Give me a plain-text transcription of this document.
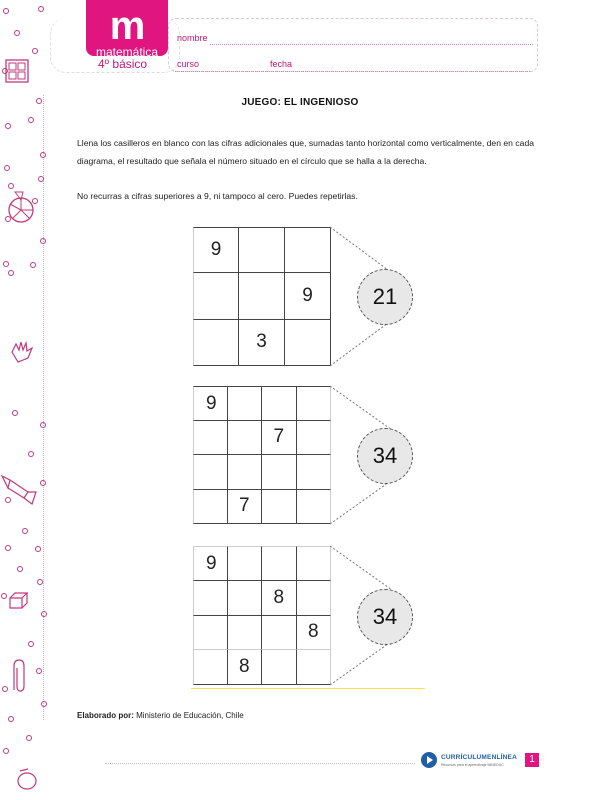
m
matemática
4º básico
nombre
curso	fecha
JUEGO: EL INGENIOSO

Llena los casilleros en blanco con las cifras adicionales que, sumadas tanto horizontal como verticalmente, den en cada diagrama, el resultado que señala el número situado en el círculo que se halla a la derecha.

No recurras a cifras superiores a 9, ni tampoco al cero. Puedes repetirlas.

9
9
3
21
9
7
7
34
9
8
8
8
34
Elaborado por: Ministerio de Educación, Chile
CURRÍCULUMENLÍNEA
Recursos para el aprendizaje MINEDUC	1
